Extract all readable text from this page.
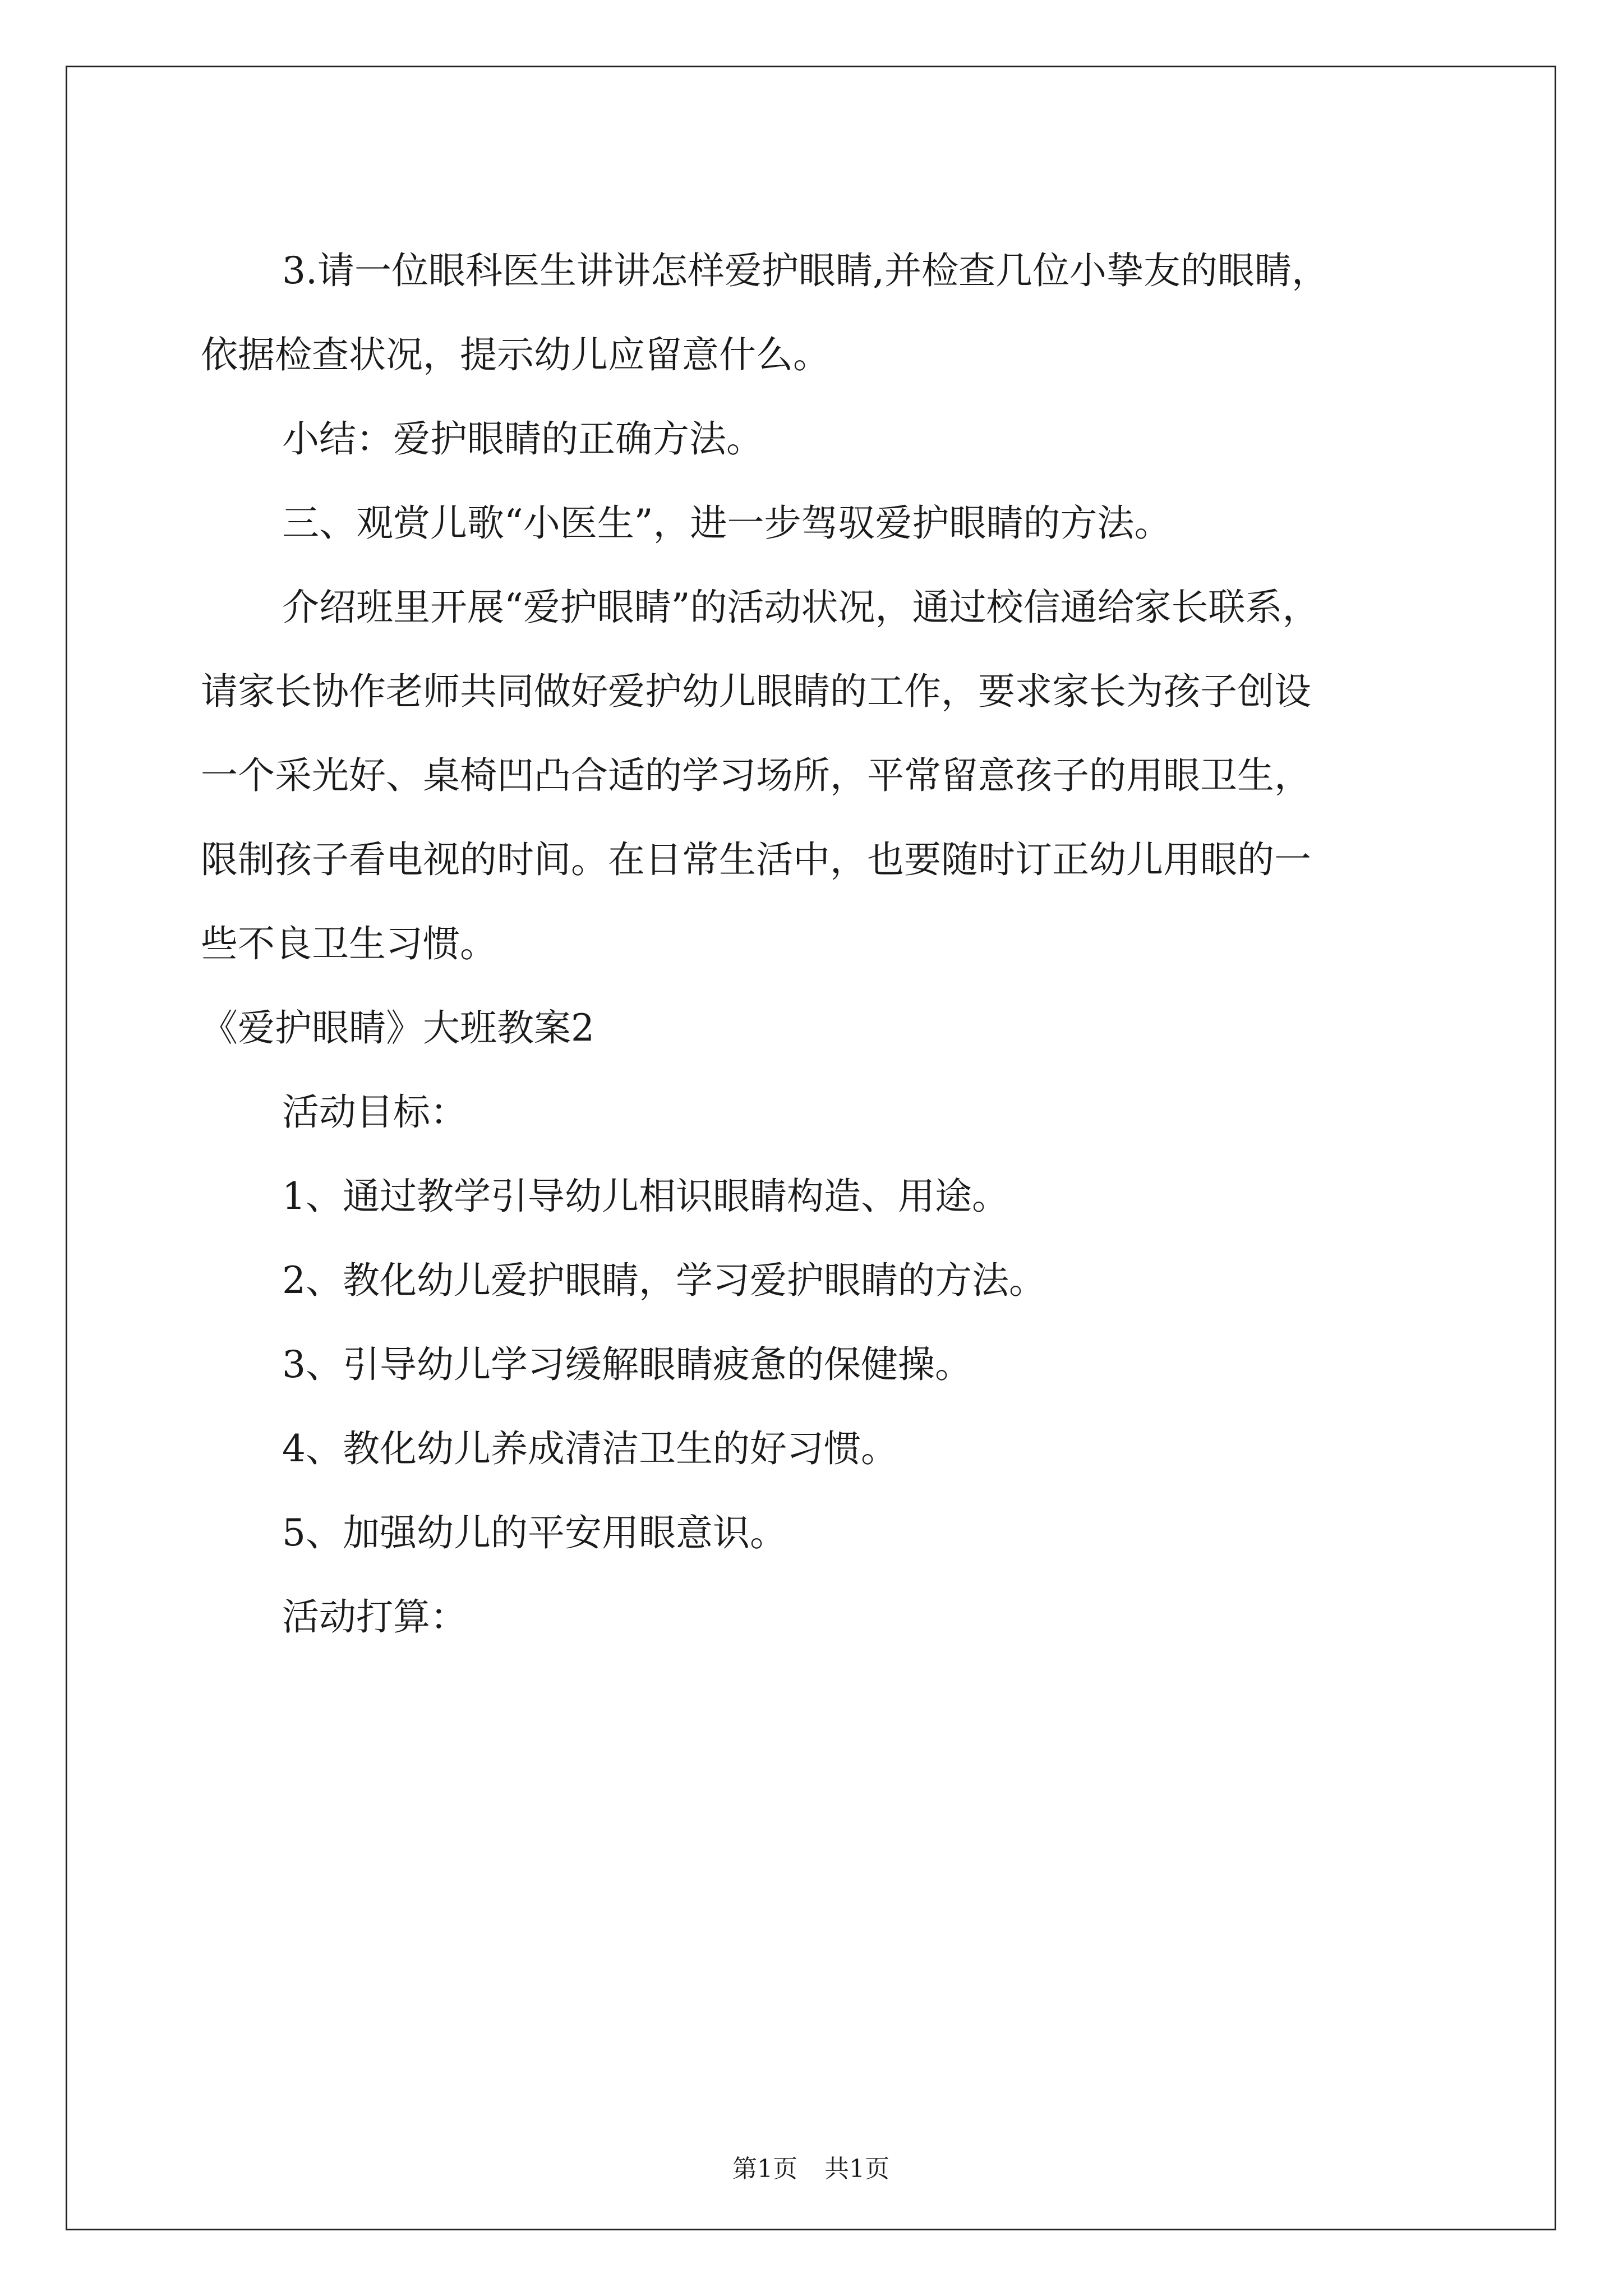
3.请一位眼科医生讲讲怎样爱护眼睛,并检查几位小挚友的眼睛，
依据检查状况，提示幼儿应留意什么。
小结：爱护眼睛的正确方法。
三、观赏儿歌“小医生”，进一步驾驭爱护眼睛的方法。
介绍班里开展“爱护眼睛”的活动状况，通过校信通给家长联系，
请家长协作老师共同做好爱护幼儿眼睛的工作，要求家长为孩子创设
一个采光好、桌椅凹凸合适的学习场所，平常留意孩子的用眼卫生，
限制孩子看电视的时间。在日常生活中，也要随时订正幼儿用眼的一
些不良卫生习惯。
《爱护眼睛》大班教案2
活动目标：
1、通过教学引导幼儿相识眼睛构造、用途。
2、教化幼儿爱护眼睛，学习爱护眼睛的方法。
3、引导幼儿学习缓解眼睛疲惫的保健操。
4、教化幼儿养成清洁卫生的好习惯。
5、加强幼儿的平安用眼意识。
活动打算：
第1页 共1页
